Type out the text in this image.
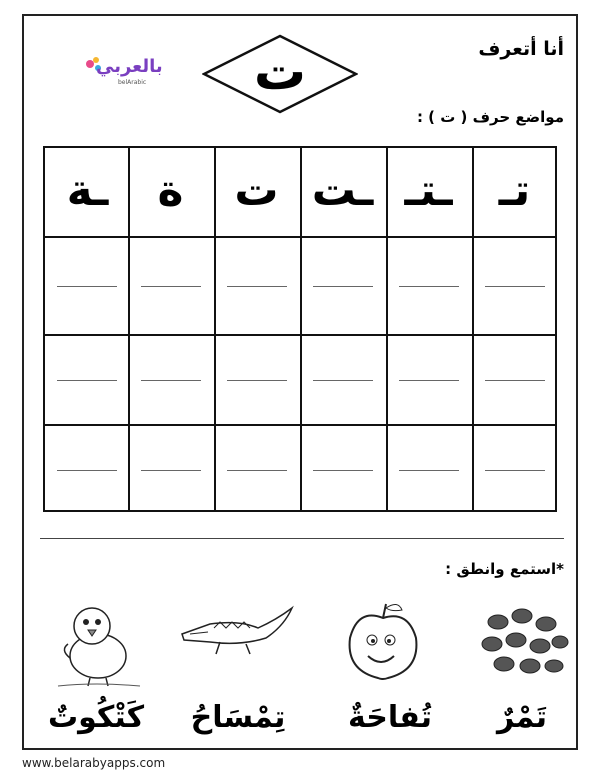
أنا أتعرف
ت
بالعربي
belArabic
مواضع حرف ( ت ) :
تـ
ـتـ
ـت
ت
ة
ـة
*استمع وانطق :
تَمْرٌ
تُفاحَةٌ
تِمْسَاحُ
كَتْكُوتٌ
www.belarabyapps.com
